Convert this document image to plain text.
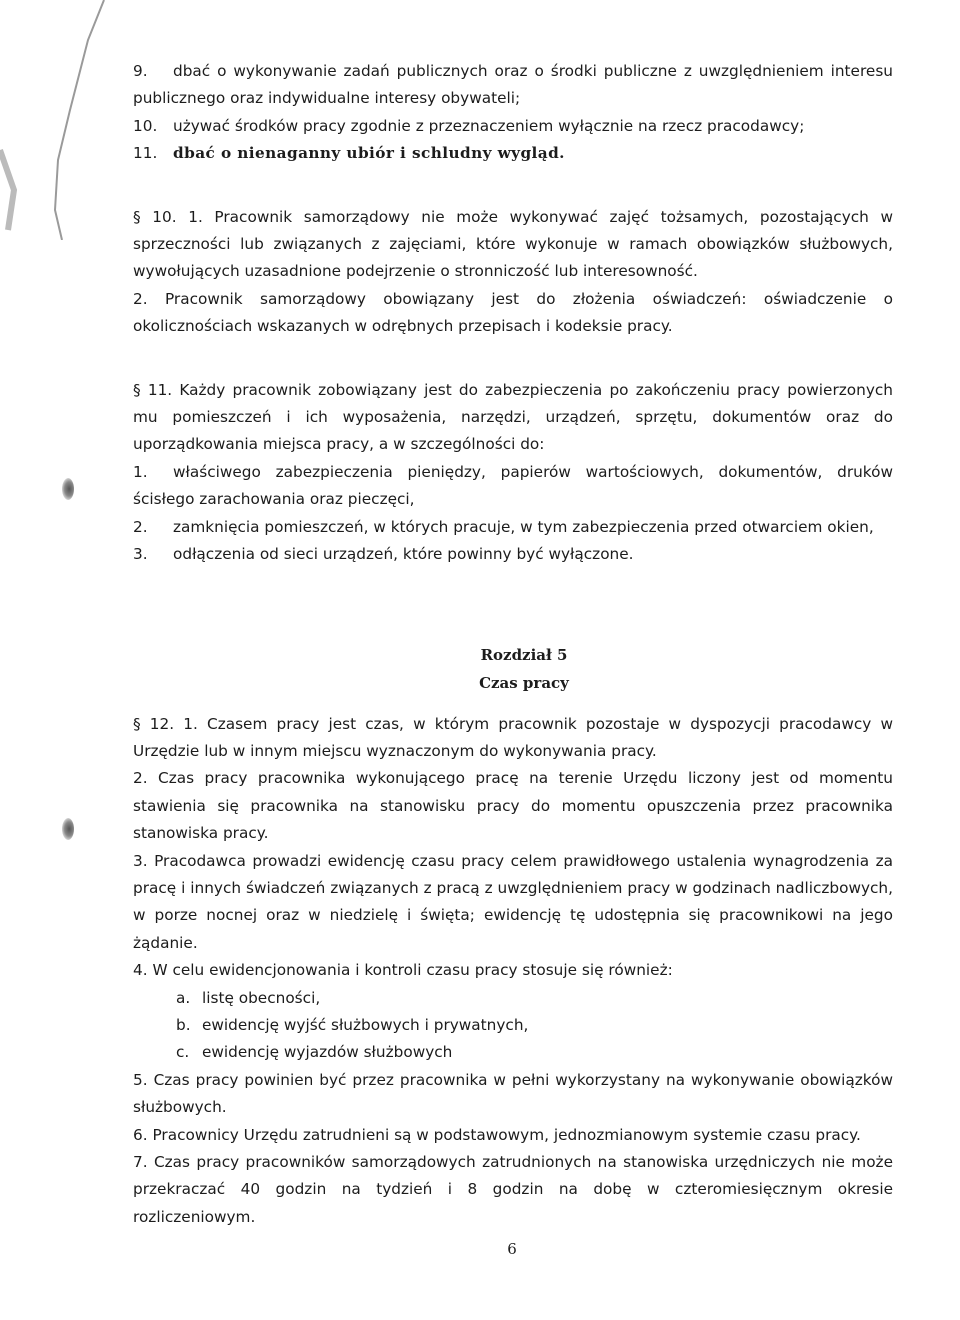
9. dbać o wykonywanie zadań publicznych oraz o środki publiczne z uwzględnieniem interesu publicznego oraz indywidualne interesy obywateli;

10. używać środków pracy zgodnie z przeznaczeniem wyłącznie na rzecz pracodawcy;

11. dbać o nienaganny ubiór i schludny wygląd.

§ 10. 1. Pracownik samorządowy nie może wykonywać zajęć tożsamych, pozostających w sprzeczności lub związanych z zajęciami, które wykonuje w ramach obowiązków służbowych, wywołujących uzasadnione podejrzenie o stronniczość lub interesowność.

2. Pracownik samorządowy obowiązany jest do złożenia oświadczeń: oświadczenie o okolicznościach wskazanych w odrębnych przepisach i kodeksie pracy.

§ 11. Każdy pracownik zobowiązany jest do zabezpieczenia po zakończeniu pracy powierzonych mu pomieszczeń i ich wyposażenia, narzędzi, urządzeń, sprzętu, dokumentów oraz do uporządkowania miejsca pracy, a w szczególności do:

1. właściwego zabezpieczenia pieniędzy, papierów wartościowych, dokumentów, druków ścisłego zarachowania oraz pieczęci,

2. zamknięcia pomieszczeń, w których pracuje, w tym zabezpieczenia przed otwarciem okien,

3. odłączenia od sieci urządzeń, które powinny być wyłączone.

Rozdział 5
Czas pracy

§ 12. 1. Czasem pracy jest czas, w którym pracownik pozostaje w dyspozycji pracodawcy w Urzędzie lub w innym miejscu wyznaczonym do wykonywania pracy.

2. Czas pracy pracownika wykonującego pracę na terenie Urzędu liczony jest od momentu stawienia się pracownika na stanowisku pracy do momentu opuszczenia przez pracownika stanowiska pracy.

3. Pracodawca prowadzi ewidencję czasu pracy celem prawidłowego ustalenia wynagrodzenia za pracę i innych świadczeń związanych z pracą z uwzględnieniem pracy w godzinach nadliczbowych, w porze nocnej oraz w niedzielę i święta; ewidencję tę udostępnia się pracownikowi na jego żądanie.

4. W celu ewidencjonowania i kontroli czasu pracy stosuje się również:

a. listę obecności,

b. ewidencję wyjść służbowych i prywatnych,

c. ewidencję wyjazdów służbowych

5. Czas pracy powinien być przez pracownika w pełni wykorzystany na wykonywanie obowiązków służbowych.

6. Pracownicy Urzędu zatrudnieni są w podstawowym, jednozmianowym systemie czasu pracy.

7. Czas pracy pracowników samorządowych zatrudnionych na stanowiska urzędniczych nie może przekraczać 40 godzin na tydzień i 8 godzin na dobę w czteromiesięcznym okresie rozliczeniowym.

6
